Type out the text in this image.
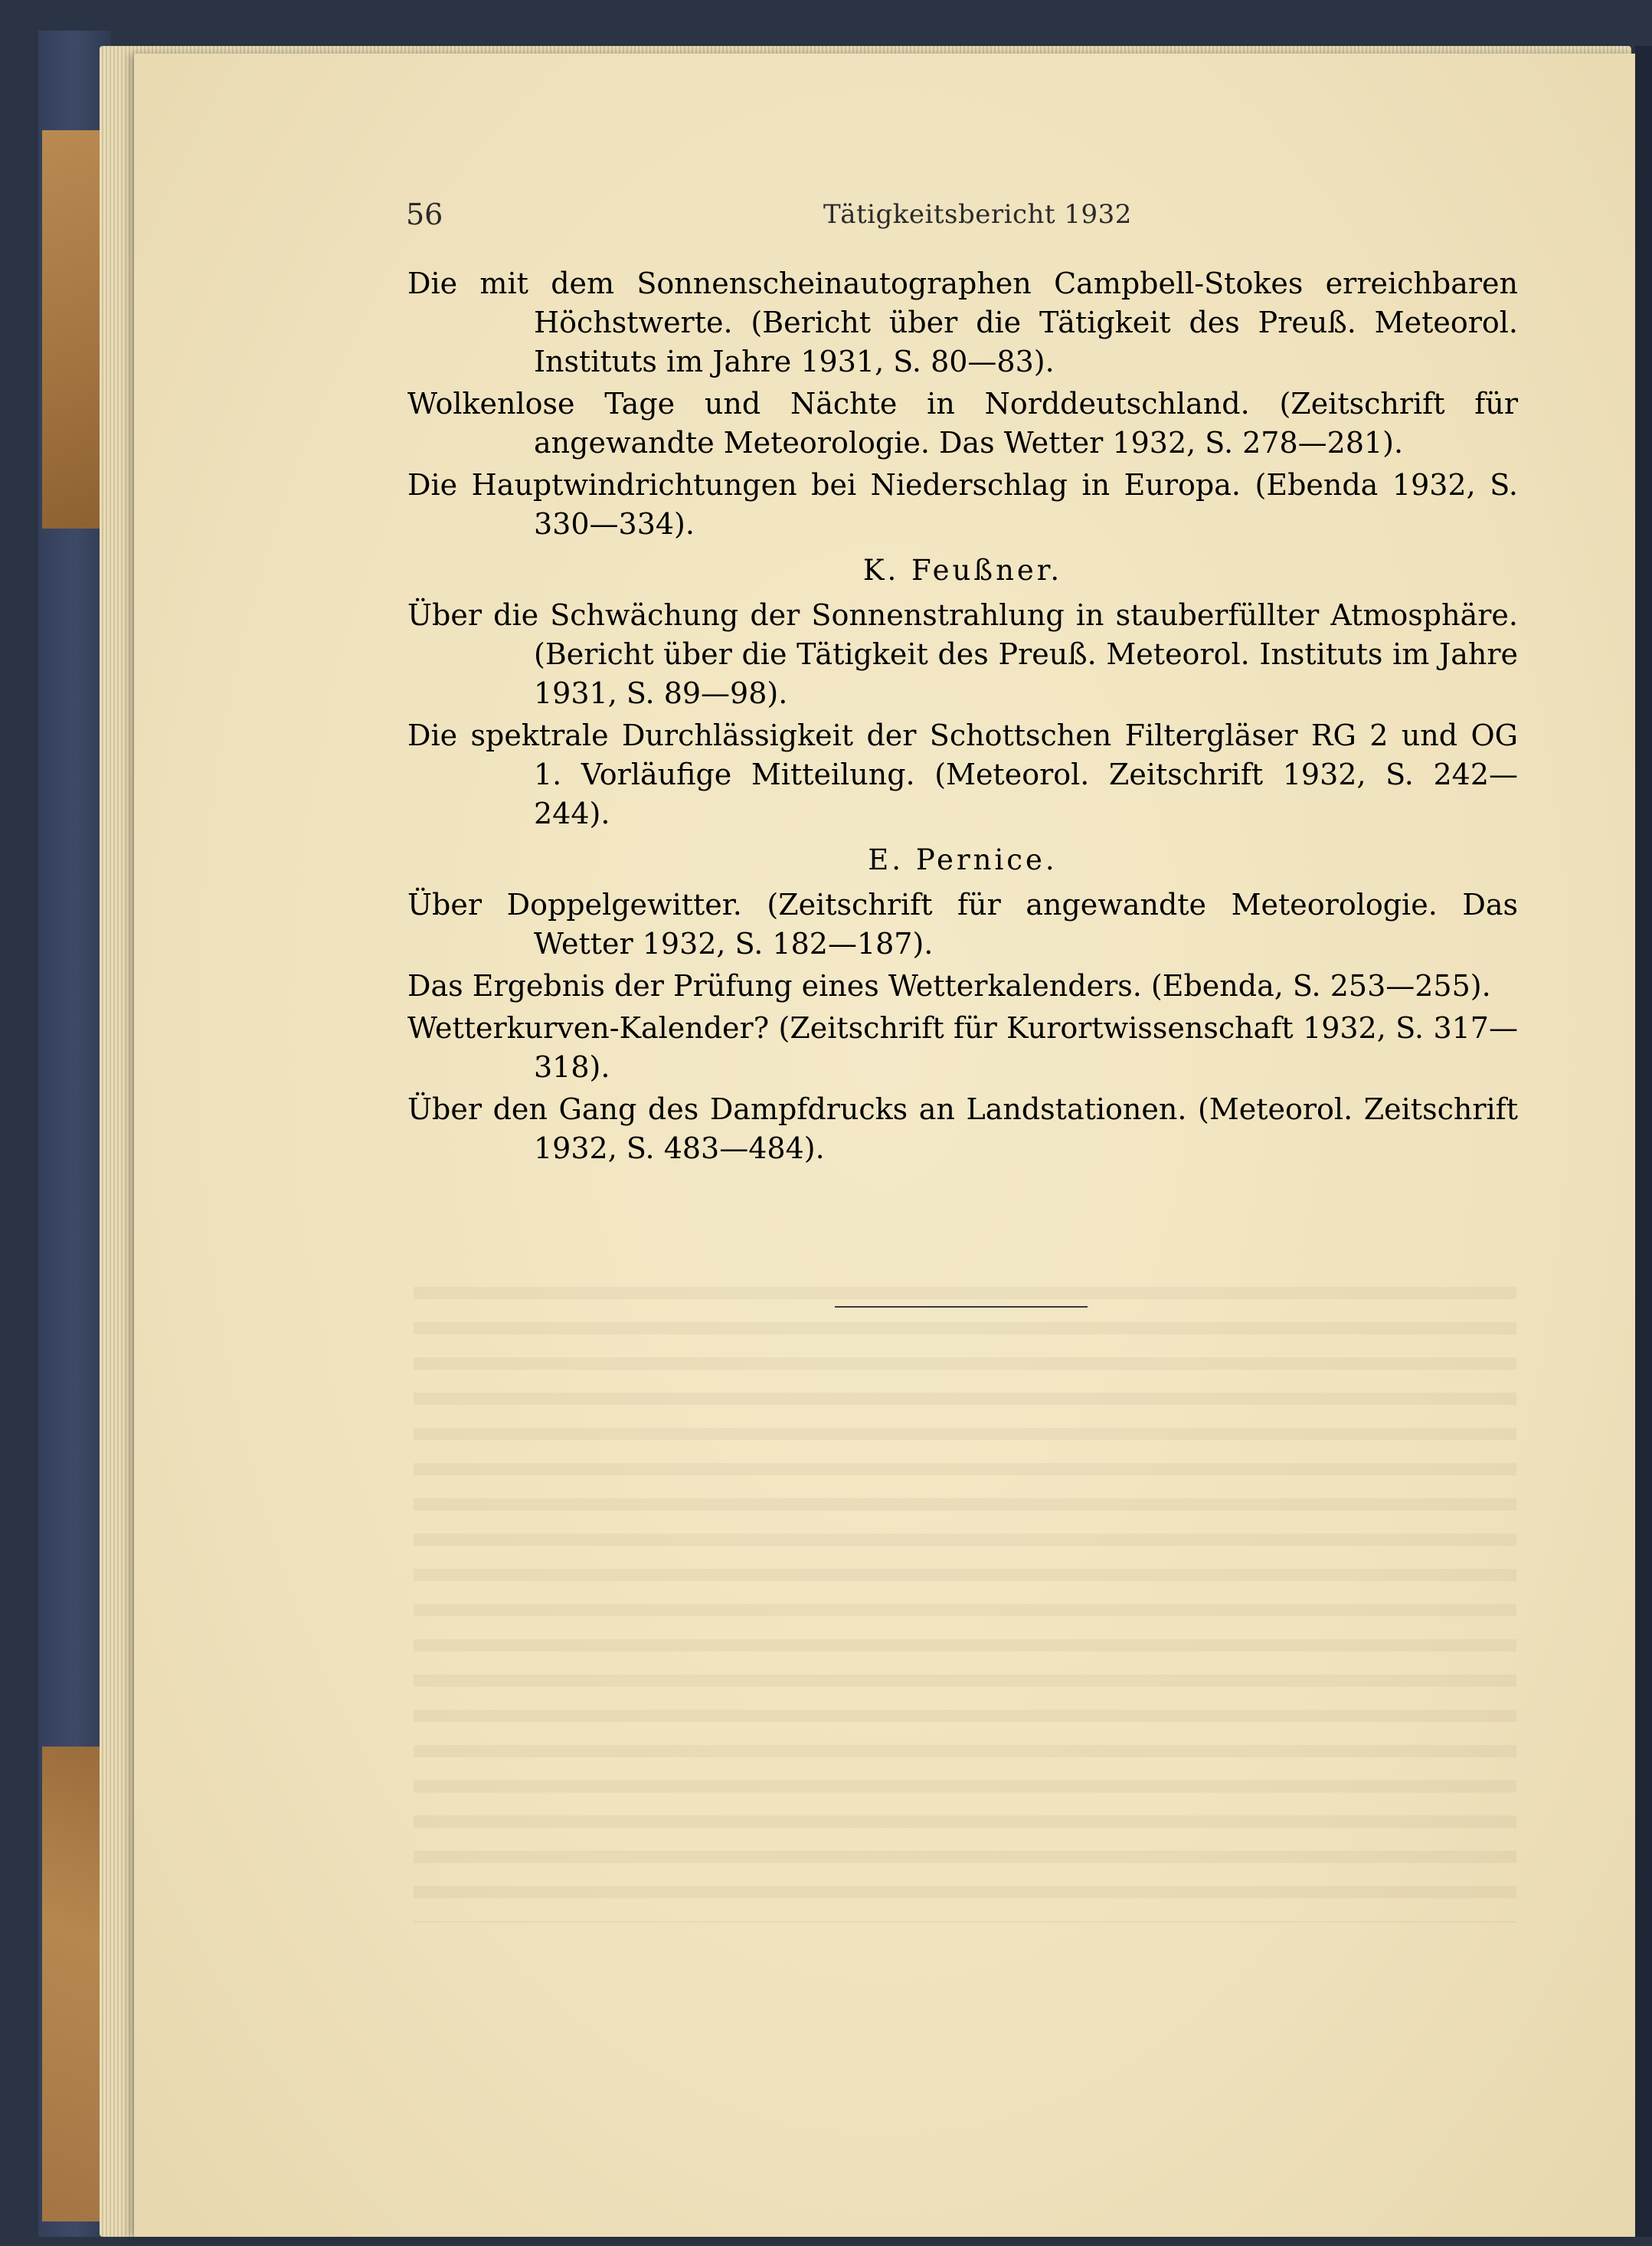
56	Tätigkeitsbericht 1932
Die mit dem Sonnenscheinautographen Campbell-Stokes erreichbaren Höchstwerte. (Bericht über die Tätigkeit des Preuß. Meteorol. Instituts im Jahre 1931, S. 80—83).
Wolkenlose Tage und Nächte in Norddeutschland. (Zeitschrift für angewandte Meteorologie. Das Wetter 1932, S. 278—281).
Die Hauptwindrichtungen bei Niederschlag in Europa. (Ebenda 1932, S. 330—334).
K. Feußner.
Über die Schwächung der Sonnenstrahlung in stauberfüllter Atmosphäre. (Bericht über die Tätigkeit des Preuß. Meteorol. Instituts im Jahre 1931, S. 89—98).
Die spektrale Durchlässigkeit der Schottschen Filtergläser RG 2 und OG 1. Vorläufige Mitteilung. (Meteorol. Zeitschrift 1932, S. 242—244).
E. Pernice.
Über Doppelgewitter. (Zeitschrift für angewandte Meteorologie. Das Wetter 1932, S. 182—187).
Das Ergebnis der Prüfung eines Wetterkalenders. (Ebenda, S. 253—255).
Wetterkurven-Kalender? (Zeitschrift für Kurortwissenschaft 1932, S. 317—318).
Über den Gang des Dampfdrucks an Landstationen. (Meteorol. Zeitschrift 1932, S. 483—484).
